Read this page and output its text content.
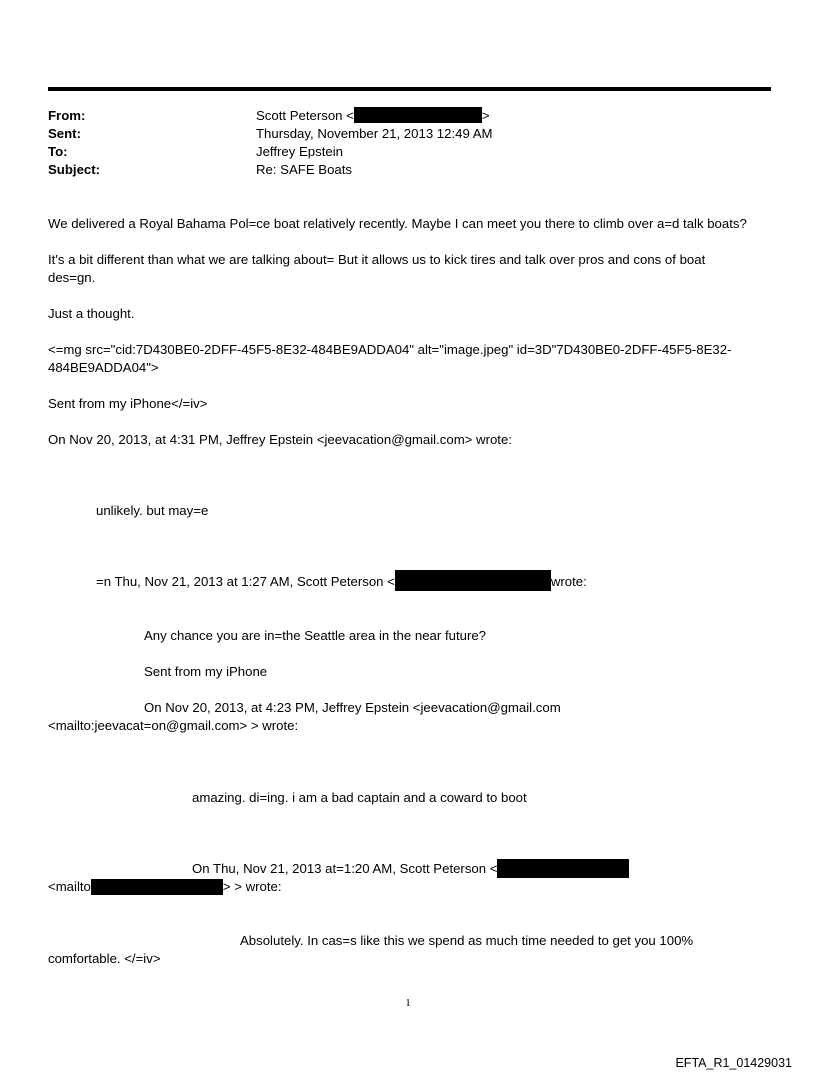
From:	Scott Peterson <	>
Sent:	Thursday, November 21, 2013 12:49 AM
To:	Jeffrey Epstein
Subject:	Re: SAFE Boats
We delivered a Royal Bahama Pol=ce boat relatively recently. Maybe I can meet you there to climb over a=d talk boats?
It's a bit different than what we are talking about= But it allows us to kick tires and talk over pros and cons of boat
des=gn.
Just a thought.
<=mg src="cid:7D430BE0-2DFF-45F5-8E32-484BE9ADDA04" alt="image.jpeg" id=3D"7D430BE0-2DFF-45F5-8E32-
484BE9ADDA04">
Sent from my iPhone</=iv>
On Nov 20, 2013, at 4:31 PM, Jeffrey Epstein <jeevacation@gmail.com> wrote:
unlikely. but may=e
=n Thu, Nov 21, 2013 at 1:27 AM, Scott Peterson <	wrote:
Any chance you are in=the Seattle area in the near future?
Sent from my iPhone
On Nov 20, 2013, at 4:23 PM, Jeffrey Epstein <jeevacation@gmail.com
<mailto:jeevacat=on@gmail.com> > wrote:
amazing. di=ing. i am a bad captain and a coward to boot
On Thu, Nov 21, 2013 at=1:20 AM, Scott Peterson <
<mailto	> > wrote:
Absolutely. In cas=s like this we spend as much time needed to get you 100%
comfortable. </=iv>
1
EFTA_R1_01429031
